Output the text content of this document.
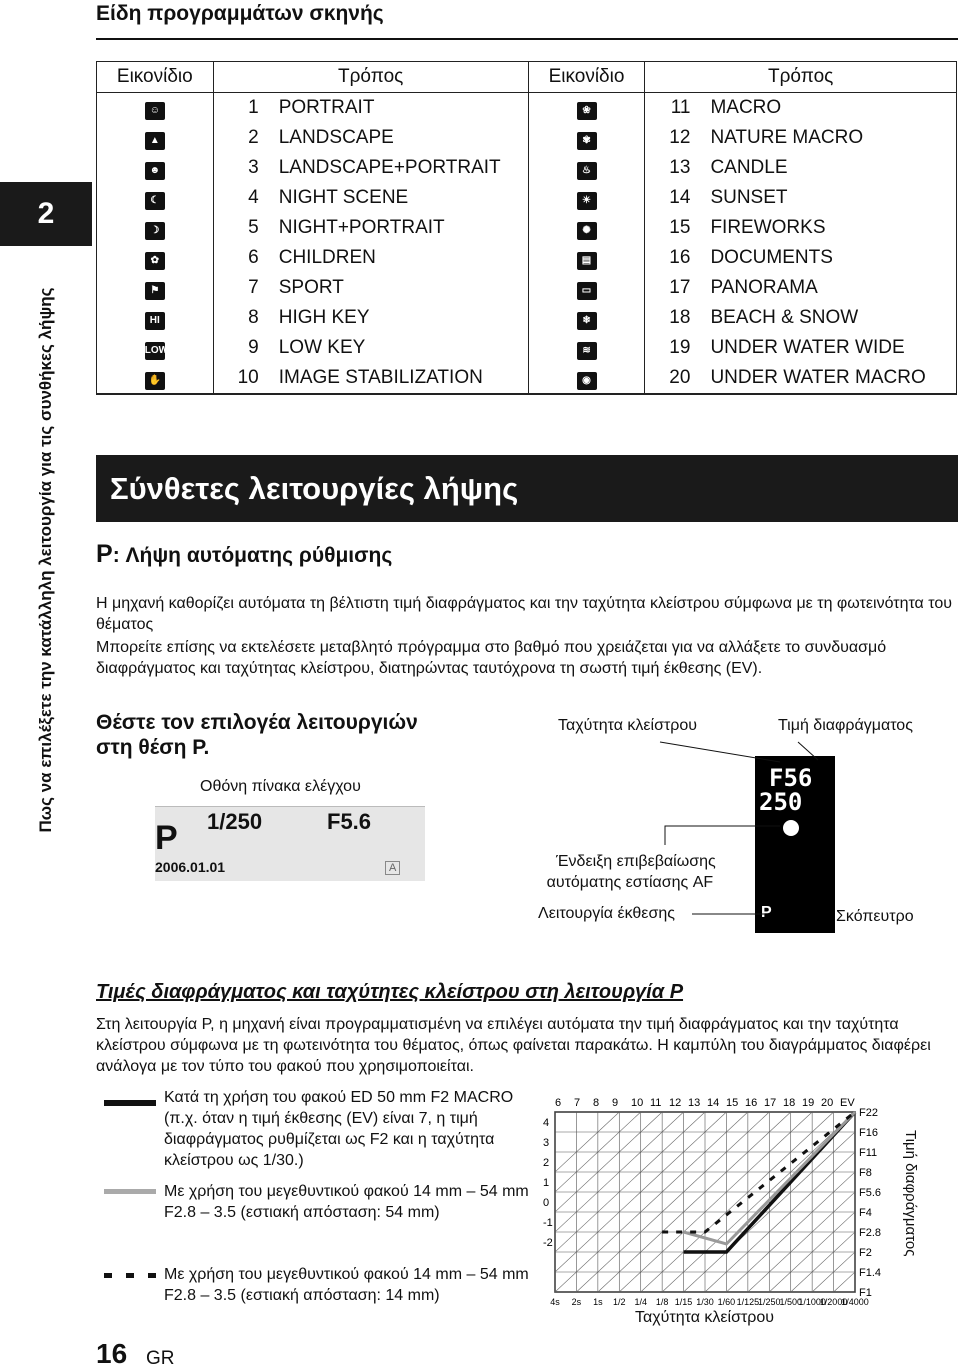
2
Πως να επιλέξετε την κατάλληλη λειτουργία για τις συνθήκες λήψης
Είδη προγραμμάτων σκηνής
Εικονίδιο	Τρόπος		Εικονίδιο	Τρόπος	
☺	1	PORTRAIT	❀	11	MACRO
▲	2	LANDSCAPE	✾	12	NATURE MACRO
☻	3	LANDSCAPE+PORTRAIT	♨	13	CANDLE
☾	4	NIGHT SCENE	☀	14	SUNSET
☽	5	NIGHT+PORTRAIT	✺	15	FIREWORKS
✿	6	CHILDREN	▤	16	DOCUMENTS
⚑	7	SPORT	▭	17	PANORAMA
HI	8	HIGH KEY	❄	18	BEACH & SNOW
LOW	9	LOW KEY	≋	19	UNDER WATER WIDE
✋	10	IMAGE STABILIZATION	◉	20	UNDER WATER MACRO
Σύνθετες λειτουργίες λήψης
P: Λήψη αυτόματης ρύθμισης
Η μηχανή καθορίζει αυτόματα τη βέλτιστη τιμή διαφράγματος και την ταχύτητα κλείστρου σύμφωνα με τη φωτεινότητα του θέματος
Μπορείτε επίσης να εκτελέσετε μεταβλητό πρόγραμμα στο βαθμό που χρειάζεται για να αλλάξετε το συνδυασμό διαφράγματος και ταχύτητας κλείστρου, διατηρώντας ταυτόχρονα τη σωστή τιμή έκθεσης (EV).
Θέστε τον επιλογέα λειτουργιών
στη θέση P.
Οθόνη πίνακα ελέγχου
P 1/250	F5.6
2006.01.01	A
Ταχύτητα κλείστρου	Τιμή διαφράγματος
F56
250
P
Ένδειξη επιβεβαίωσης
αυτόματης εστίασης AF
Λειτουργία έκθεσης	Σκόπευτρο
Τιμές διαφράγματος και ταχύτητες κλείστρου στη λειτουργία P
Στη λειτουργία P, η μηχανή είναι προγραμματισμένη να επιλέγει αυτόματα την τιμή διαφράγματος και την ταχύτητα κλείστρου σύμφωνα με τη φωτεινότητα του θέματος, όπως φαίνεται παρακάτω. Η καμπύλη του διαγράμματος διαφέρει ανάλογα με τον τύπο του φακού που χρησιμοποιείται.
Κατά τη χρήση του φακού ED 50 mm F2 MACRO (π.χ. όταν η τιμή έκθεσης (EV) είναι 7, η τιμή διαφράγματος ρυθμίζεται ως F2 και η ταχύτητα κλείστρου ως 1/30.)
Με χρήση του μεγεθυντικού φακού 14 mm – 54 mm F2.8 – 3.5 (εστιακή απόσταση: 54 mm)
Με χρήση του μεγεθυντικού φακού 14 mm – 54 mm F2.8 – 3.5 (εστιακή απόσταση: 14 mm)	4s 2s 1s 1/2 1/4 1/8 1/15 1/30 1/60 1/125
1/250
1/500
1/1000
1/2000
1/4000
F22
F16
F11
F8
F5.6
F4
F2.8
F2
F1.4
F1
6 7 8 9 10 11 12 13 14 15 16 17 18 19 20 EV
4
3
2
1
0
-1
-2	Τιμή διαφράγματος
Ταχύτητα κλείστρου
16 GR
